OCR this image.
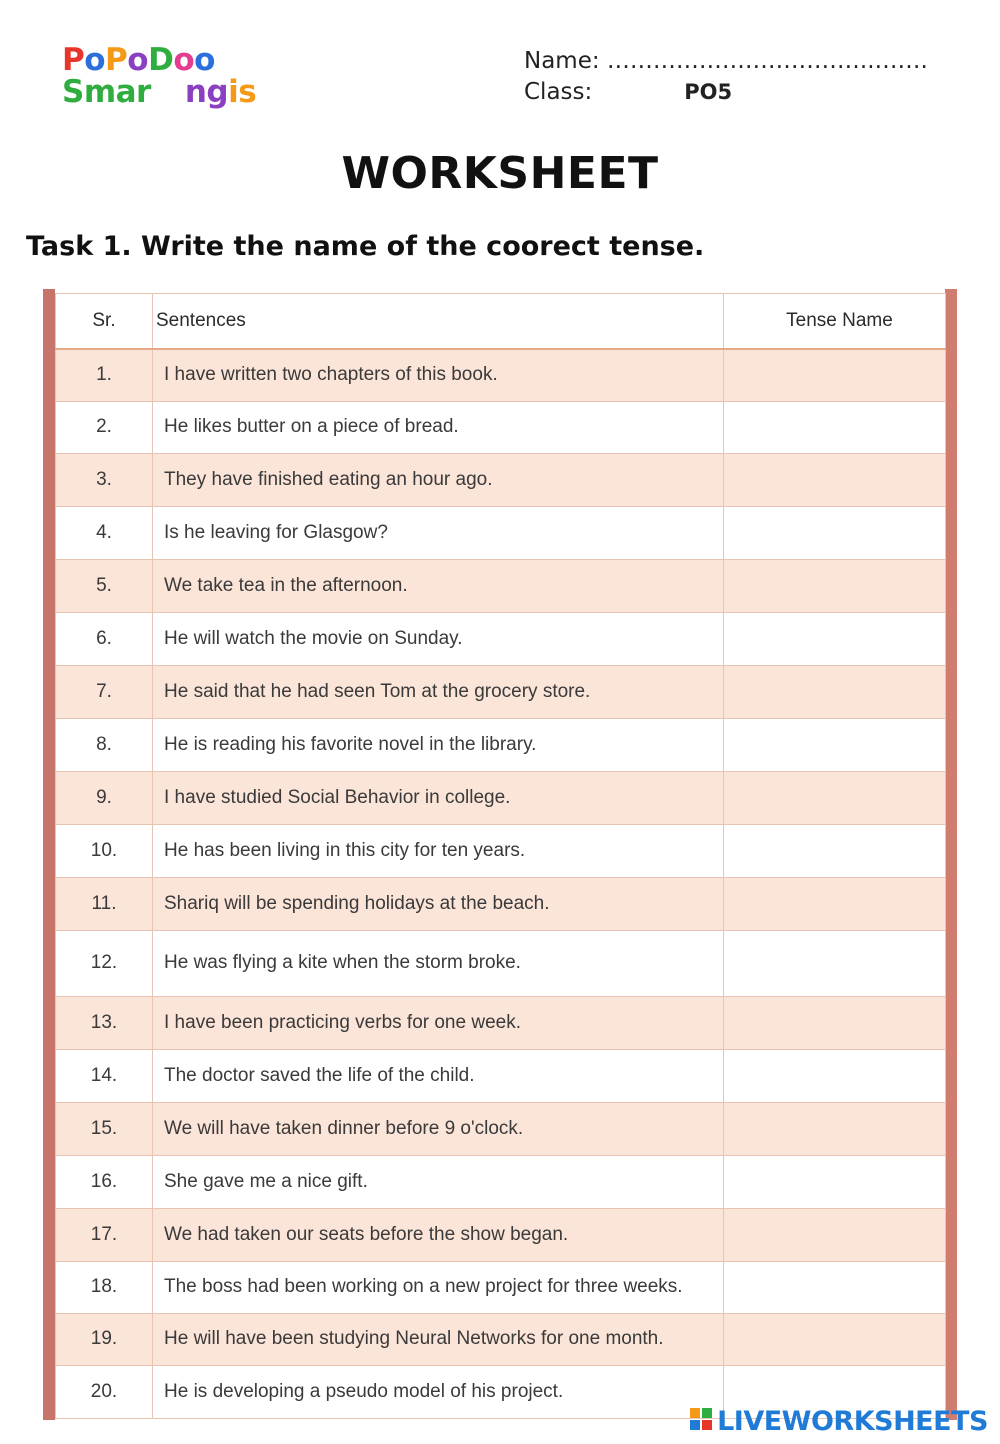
PoPoDoo
Smar ngis
Name: ……………………………..…….
Class:	PO5
WORKSHEET
Task 1. Write the name of the coorect tense.
Sr.	Sentences	Tense Name
1.	I have written two chapters of this book.	
2.	He likes butter on a piece of bread.	
3.	They have finished eating an hour ago.	
4.	Is he leaving for Glasgow?	
5.	We take tea in the afternoon.	
6.	He will watch the movie on Sunday.	
7.	He said that he had seen Tom at the grocery store.	
8.	He is reading his favorite novel in the library.	
9.	I have studied Social Behavior in college.	
10.	He has been living in this city for ten years.	
11.	Shariq will be spending holidays at the beach.	
12.	He was flying a kite when the storm broke.	
13.	I have been practicing verbs for one week.	
14.	The doctor saved the life of the child.	
15.	We will have taken dinner before 9 o'clock.	
16.	She gave me a nice gift.	
17.	We had taken our seats before the show began.	
18.	The boss had been working on a new project for three weeks.	
19.	He will have been studying Neural Networks for one month.	
20.	He is developing a pseudo model of his project.	
LIVEWORKSHEETS
